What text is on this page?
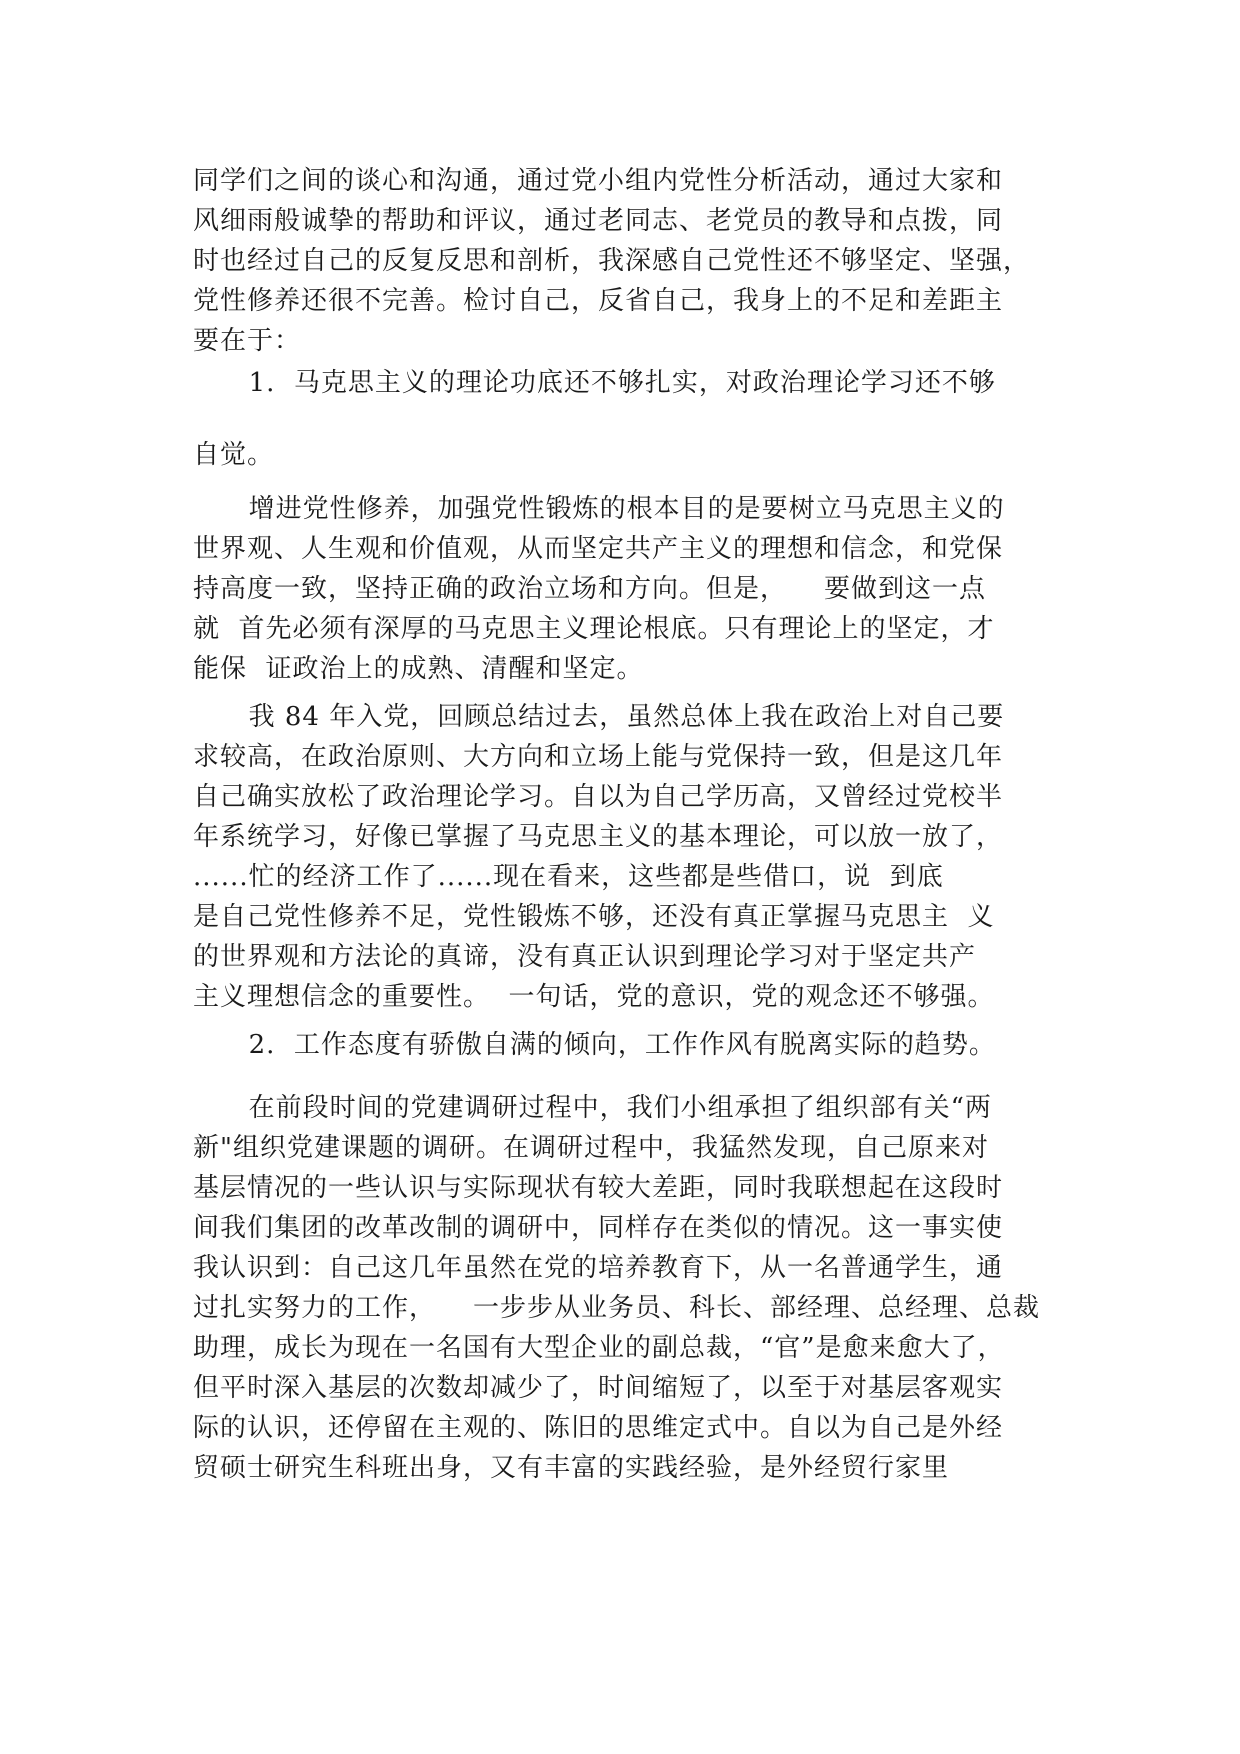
同学们之间的谈心和沟通，通过党小组内党性分析活动，通过大家和
风细雨般诚挚的帮助和评议，通过老同志、老党员的教导和点拨，同
时也经过自己的反复反思和剖析，我深感自己党性还不够坚定、坚强，
党性修养还很不完善。检讨自己，反省自己，我身上的不足和差距主
要在于：
1.  马克思主义的理论功底还不够扎实，对政治理论学习还不够
自觉。
增进党性修养，加强党性锻炼的根本目的是要树立马克思主义的
世界观、人生观和价值观，从而坚定共产主义的理想和信念，和党保
持高度一致，坚持正确的政治立场和方向。但是，    要做到这一点
就  首先必须有深厚的马克思主义理论根底。只有理论上的坚定，才
能保  证政治上的成熟、清醒和坚定。
我 84 年入党，回顾总结过去，虽然总体上我在政治上对自己要
求较高，在政治原则、大方向和立场上能与党保持一致，但是这几年
自己确实放松了政治理论学习。自以为自己学历高，又曾经过党校半
年系统学习，好像已掌握了马克思主义的基本理论，可以放一放了，
......忙的经济工作了......现在看来，这些都是些借口，说  到底
是自己党性修养不足，党性锻炼不够，还没有真正掌握马克思主  义
的世界观和方法论的真谛，没有真正认识到理论学习对于坚定共产
主义理想信念的重要性。  一句话，党的意识，党的观念还不够强。
2.  工作态度有骄傲自满的倾向，工作作风有脱离实际的趋势。
在前段时间的党建调研过程中，我们小组承担了组织部有关“两
新"组织党建课题的调研。在调研过程中，我猛然发现，自己原来对
基层情况的一些认识与实际现状有较大差距，同时我联想起在这段时
间我们集团的改革改制的调研中，同样存在类似的情况。这一事实使
我认识到：自己这几年虽然在党的培养教育下，从一名普通学生，通
过扎实努力的工作，    一步步从业务员、科长、部经理、总经理、总裁
助理，成长为现在一名国有大型企业的副总裁，“官”是愈来愈大了，
但平时深入基层的次数却减少了，时间缩短了，以至于对基层客观实
际的认识，还停留在主观的、陈旧的思维定式中。自以为自己是外经
贸硕士研究生科班出身，又有丰富的实践经验，是外经贸行家里
